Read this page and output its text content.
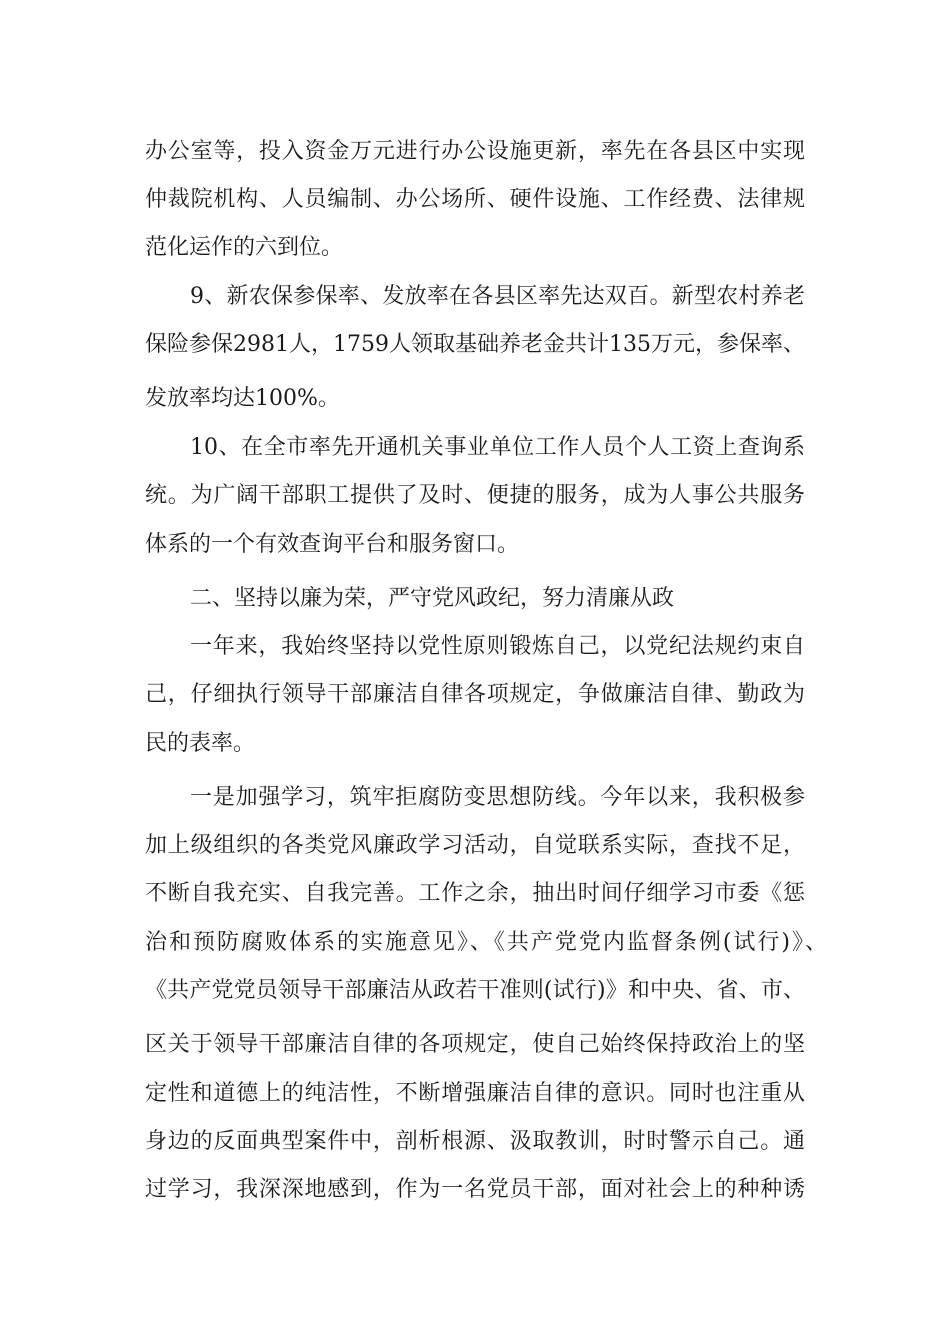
办公室等，投入资金万元进行办公设施更新，率先在各县区中实现
仲裁院机构、人员编制、办公场所、硬件设施、工作经费、法律规
范化运作的六到位。
9、新农保参保率、发放率在各县区率先达双百。新型农村养老
保险参保2981人，1759人领取基础养老金共计135万元，参保率、
发放率均达100%。
10、在全市率先开通机关事业单位工作人员个人工资上查询系
统。为广阔干部职工提供了及时、便捷的服务，成为人事公共服务
体系的一个有效查询平台和服务窗口。
二、坚持以廉为荣，严守党风政纪，努力清廉从政
一年来，我始终坚持以党性原则锻炼自己，以党纪法规约束自
己，仔细执行领导干部廉洁自律各项规定，争做廉洁自律、勤政为
民的表率。
一是加强学习，筑牢拒腐防变思想防线。今年以来，我积极参
加上级组织的各类党风廉政学习活动，自觉联系实际，查找不足，
不断自我充实、自我完善。工作之余，抽出时间仔细学习市委《惩
治和预防腐败体系的实施意见》、《共产党党内监督条例(试行)》、
《共产党党员领导干部廉洁从政若干准则(试行)》和中央、省、市、
区关于领导干部廉洁自律的各项规定，使自己始终保持政治上的坚
定性和道德上的纯洁性，不断增强廉洁自律的意识。同时也注重从
身边的反面典型案件中，剖析根源、汲取教训，时时警示自己。通
过学习，我深深地感到，作为一名党员干部，面对社会上的种种诱
